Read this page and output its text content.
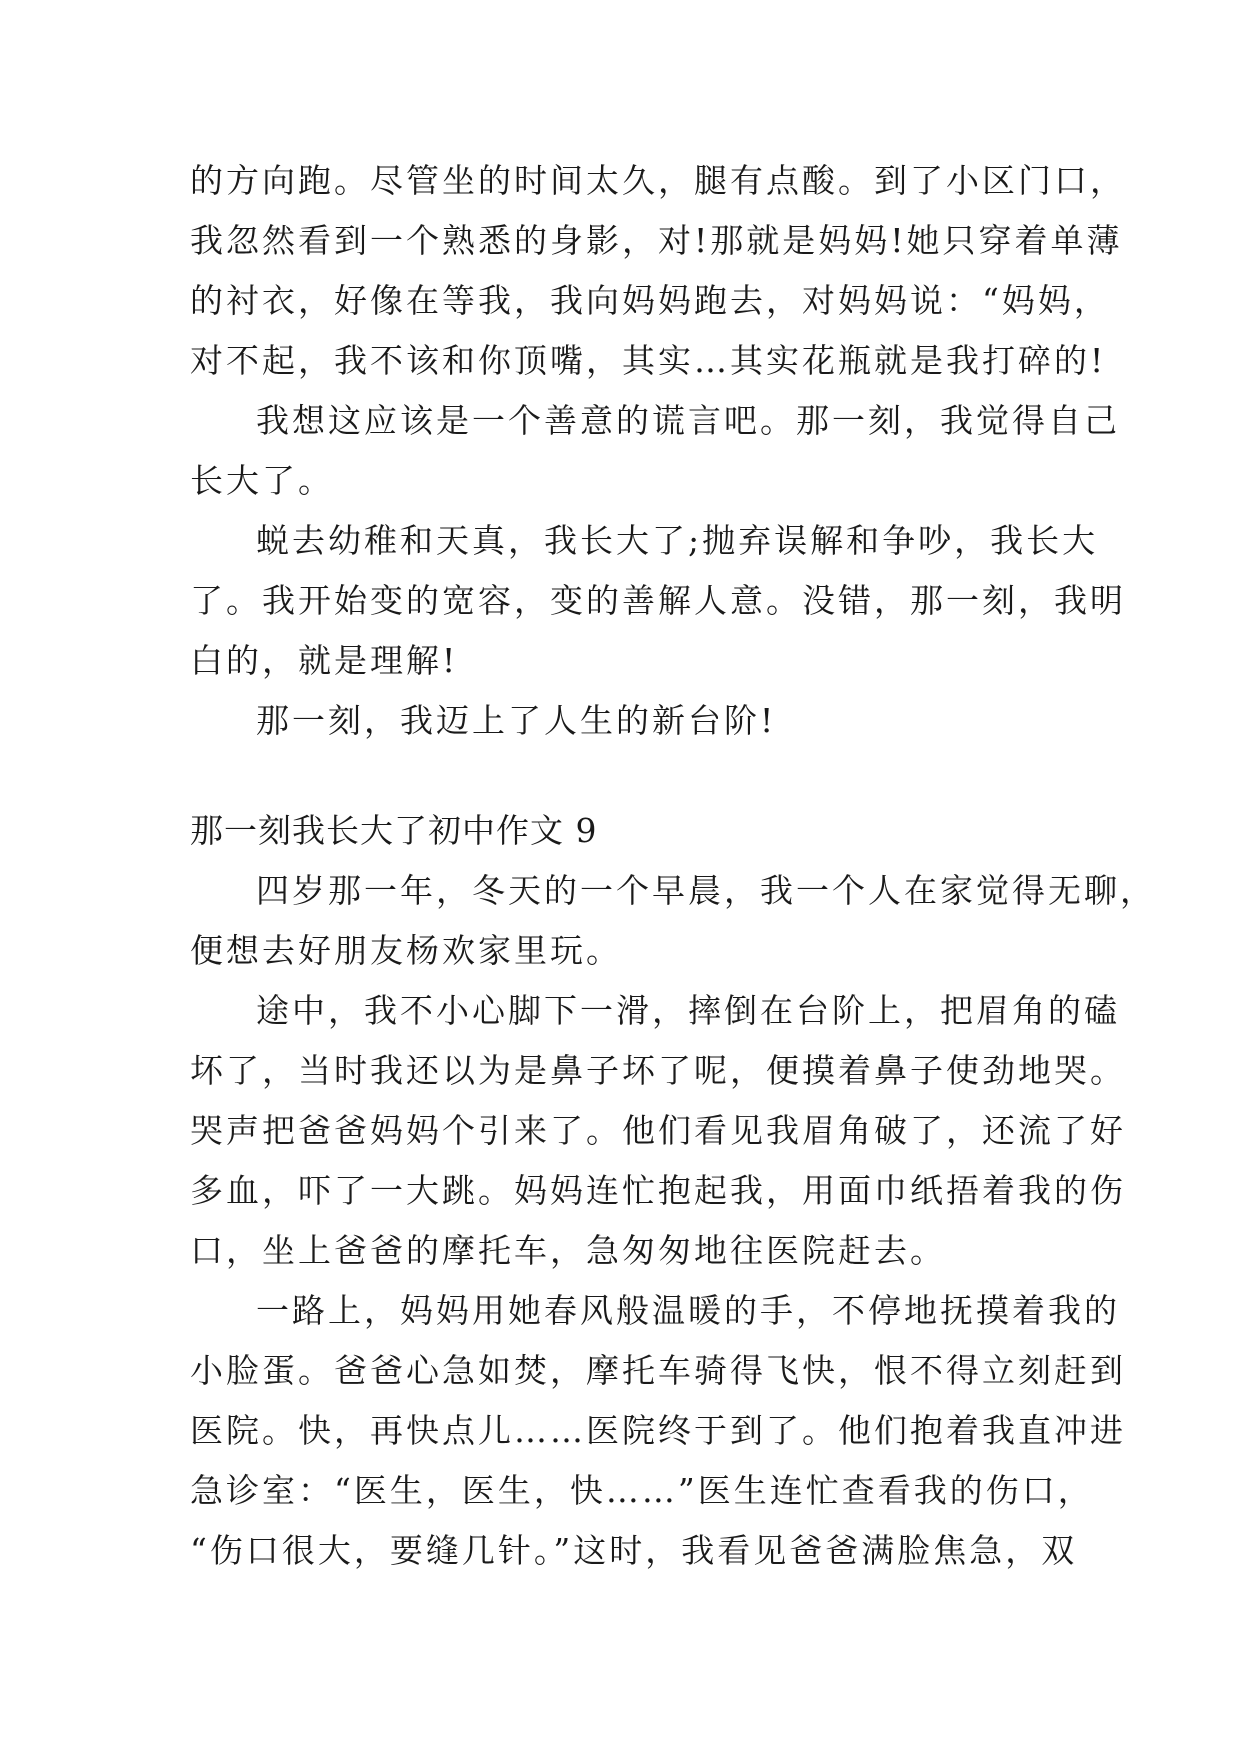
的方向跑。尽管坐的时间太久，腿有点酸。到了小区门口，
我忽然看到一个熟悉的身影，对!那就是妈妈!她只穿着单薄
的衬衣，好像在等我，我向妈妈跑去，对妈妈说：“妈妈，
对不起，我不该和你顶嘴，其实…其实花瓶就是我打碎的!
我想这应该是一个善意的谎言吧。那一刻，我觉得自己
长大了。
蜕去幼稚和天真，我长大了;抛弃误解和争吵，我长大
了。我开始变的宽容，变的善解人意。没错，那一刻，我明
白的，就是理解!
那一刻，我迈上了人生的新台阶!
那一刻我长大了初中作文 9
四岁那一年，冬天的一个早晨，我一个人在家觉得无聊，
便想去好朋友杨欢家里玩。
途中，我不小心脚下一滑，摔倒在台阶上，把眉角的磕
坏了，当时我还以为是鼻子坏了呢，便摸着鼻子使劲地哭。
哭声把爸爸妈妈个引来了。他们看见我眉角破了，还流了好
多血，吓了一大跳。妈妈连忙抱起我，用面巾纸捂着我的伤
口，坐上爸爸的摩托车，急匆匆地往医院赶去。
一路上，妈妈用她春风般温暖的手，不停地抚摸着我的
小脸蛋。爸爸心急如焚，摩托车骑得飞快，恨不得立刻赶到
医院。快，再快点儿……医院终于到了。他们抱着我直冲进
急诊室：“医生，医生，快……”医生连忙查看我的伤口，
“伤口很大，要缝几针。”这时，我看见爸爸满脸焦急，双
